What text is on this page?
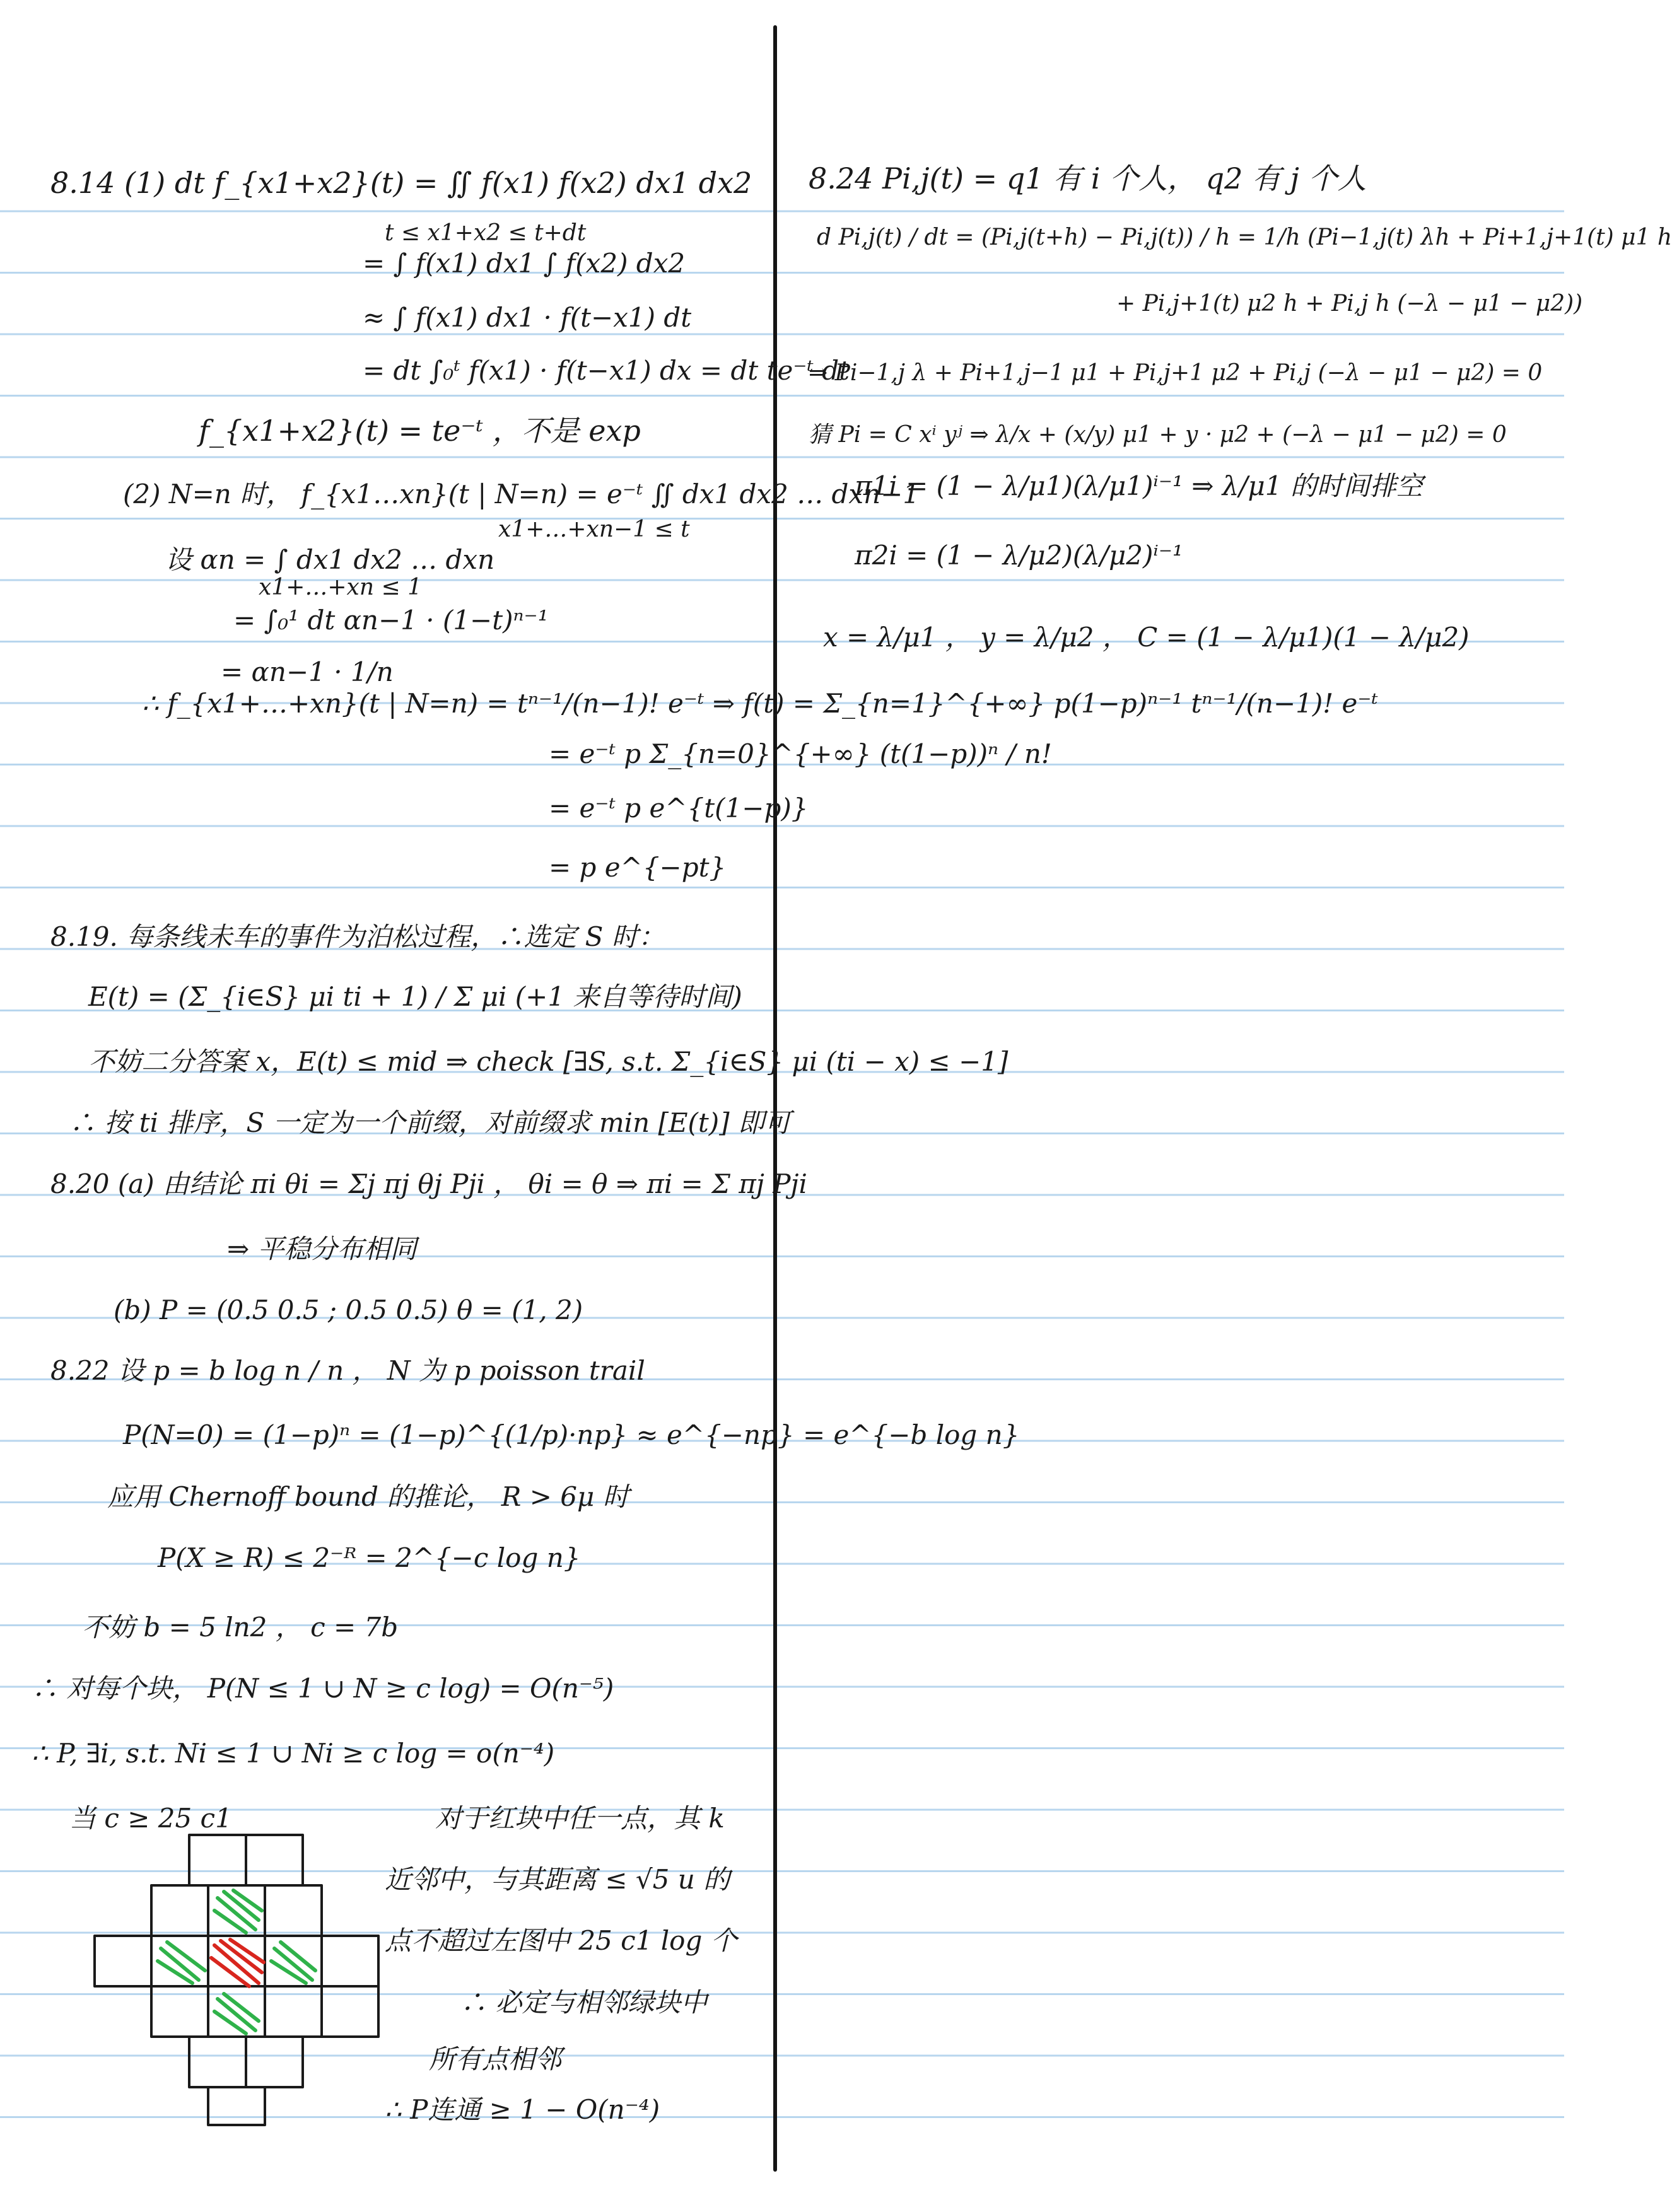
8.14 (1) dt f_{x1+x2}(t) = ∬ f(x1) f(x2) dx1 dx2
t ≤ x1+x2 ≤ t+dt
= ∫ f(x1) dx1 ∫ f(x2) dx2
≈ ∫ f(x1) dx1 · f(t−x1) dt
= dt ∫₀ᵗ f(x1) · f(t−x1) dx = dt te⁻ᵗ dt
f_{x1+x2}(t) = te⁻ᵗ ，不是 exp
(2) N=n 时， f_{x1…xn}(t | N=n) = e⁻ᵗ ∬ dx1 dx2 … dxn−1
x1+…+xn−1 ≤ t
设 αn = ∫ dx1 dx2 … dxn
x1+…+xn ≤ 1
= ∫₀¹ dt αn−1 · (1−t)ⁿ⁻¹
= αn−1 · 1/n
∴ f_{x1+…+xn}(t | N=n) = tⁿ⁻¹/(n−1)! e⁻ᵗ ⇒ f(t) = Σ_{n=1}^{+∞} p(1−p)ⁿ⁻¹ tⁿ⁻¹/(n−1)! e⁻ᵗ
= e⁻ᵗ p Σ_{n=0}^{+∞} (t(1−p))ⁿ / n!
= e⁻ᵗ p e^{t(1−p)}
= p e^{−pt}
8.19. 每条线未车的事件为泊松过程，∴选定 S 时：
E(t) = (Σ_{i∈S} μi ti + 1) / Σ μi (+1 来自等待时间)
不妨二分答案 x，E(t) ≤ mid ⇒ check [∃S, s.t. Σ_{i∈S} μi (ti − x) ≤ −1]
∴ 按 ti 排序，S 一定为一个前缀，对前缀求 min [E(t)] 即可
8.20 (a) 由结论 πi θi = Σj πj θj Pji ， θi = θ ⇒ πi = Σ πj Pji
⇒ 平稳分布相同
(b) P = (0.5 0.5 ; 0.5 0.5) θ = (1, 2)
8.22 设 p = b log n / n ， N 为 p poisson trail
P(N=0) = (1−p)ⁿ = (1−p)^{(1/p)·np} ≈ e^{−np} = e^{−b log n}
应用 Chernoff bound 的推论， R > 6μ 时
P(X ≥ R) ≤ 2⁻ᴿ = 2^{−c log n}
不妨 b = 5 ln2 ， c = 7b
∴ 对每个块， P(N ≤ 1 ∪ N ≥ c log) = O(n⁻⁵)
∴ P, ∃i, s.t. Ni ≤ 1 ∪ Ni ≥ c log = o(n⁻⁴)
当 c ≥ 25 c1	对于红块中任一点，其 k
近邻中，与其距离 ≤ √5 u 的
点不超过左图中 25 c1 log 个
∴ 必定与相邻绿块中
所有点相邻
∴ P连通 ≥ 1 − O(n⁻⁴)
8.24 Pi,j(t) = q1 有 i 个人， q2 有 j 个人
d Pi,j(t) / dt = (Pi,j(t+h) − Pi,j(t)) / h = 1/h (Pi−1,j(t) λh + Pi+1,j+1(t) μ1 h
+ Pi,j+1(t) μ2 h + Pi,j h (−λ − μ1 − μ2))
⇒ Pi−1,j λ + Pi+1,j−1 μ1 + Pi,j+1 μ2 + Pi,j (−λ − μ1 − μ2) = 0
猜 Pi = C xⁱ yʲ ⇒ λ/x + (x/y) μ1 + y · μ2 + (−λ − μ1 − μ2) = 0
π1i = (1 − λ/μ1)(λ/μ1)ⁱ⁻¹ ⇒ λ/μ1 的时间排空
π2i = (1 − λ/μ2)(λ/μ2)ⁱ⁻¹
x = λ/μ1 ， y = λ/μ2 ， C = (1 − λ/μ1)(1 − λ/μ2)
